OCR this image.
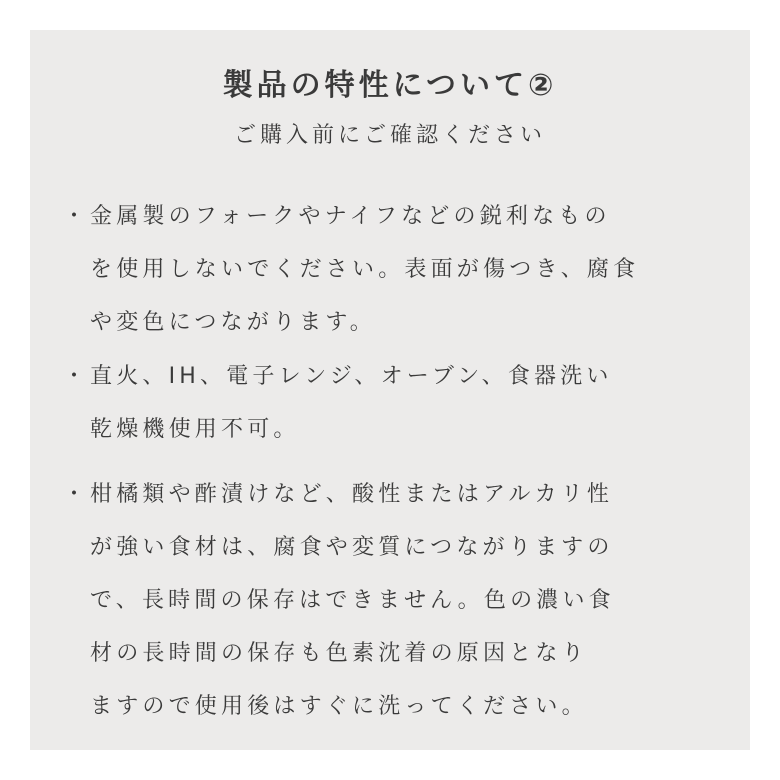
製品の特性について②
ご購入前にご確認ください
・ 金属製のフォークやナイフなどの鋭利なもの
を使用しないでください。表面が傷つき、腐食
や変色につながります。
・ 直火、IH、電子レンジ、オーブン、食器洗い
乾燥機使用不可。
・ 柑橘類や酢漬けなど、酸性またはアルカリ性
が強い食材は、腐食や変質につながりますの
で、長時間の保存はできません。色の濃い食
材の長時間の保存も色素沈着の原因となり
ますので使用後はすぐに洗ってください。
